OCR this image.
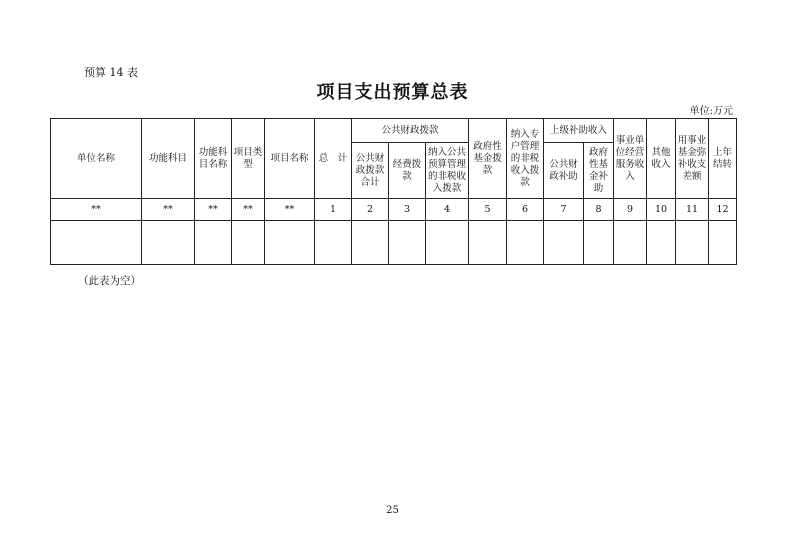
预算 14 表
项目支出预算总表
单位:万元
单位名称	功能科目	功能科目名称	项目类型	项目名称	总　计	公共财政拨款			政府性基金拨款	纳入专户管理的非税收入拨款	上级补助收入		事业单位经营服务收入	其他收入	用事业基金弥补收支差额	上年结转
						公共财政拨款合计	经费拨款	纳入公共预算管理的非税收入拨款			公共财政补助	政府性基金补助				
**	**	**	**	**	1	2	3	4	5	6	7	8	9	10	11	12

（此表为空）
25
